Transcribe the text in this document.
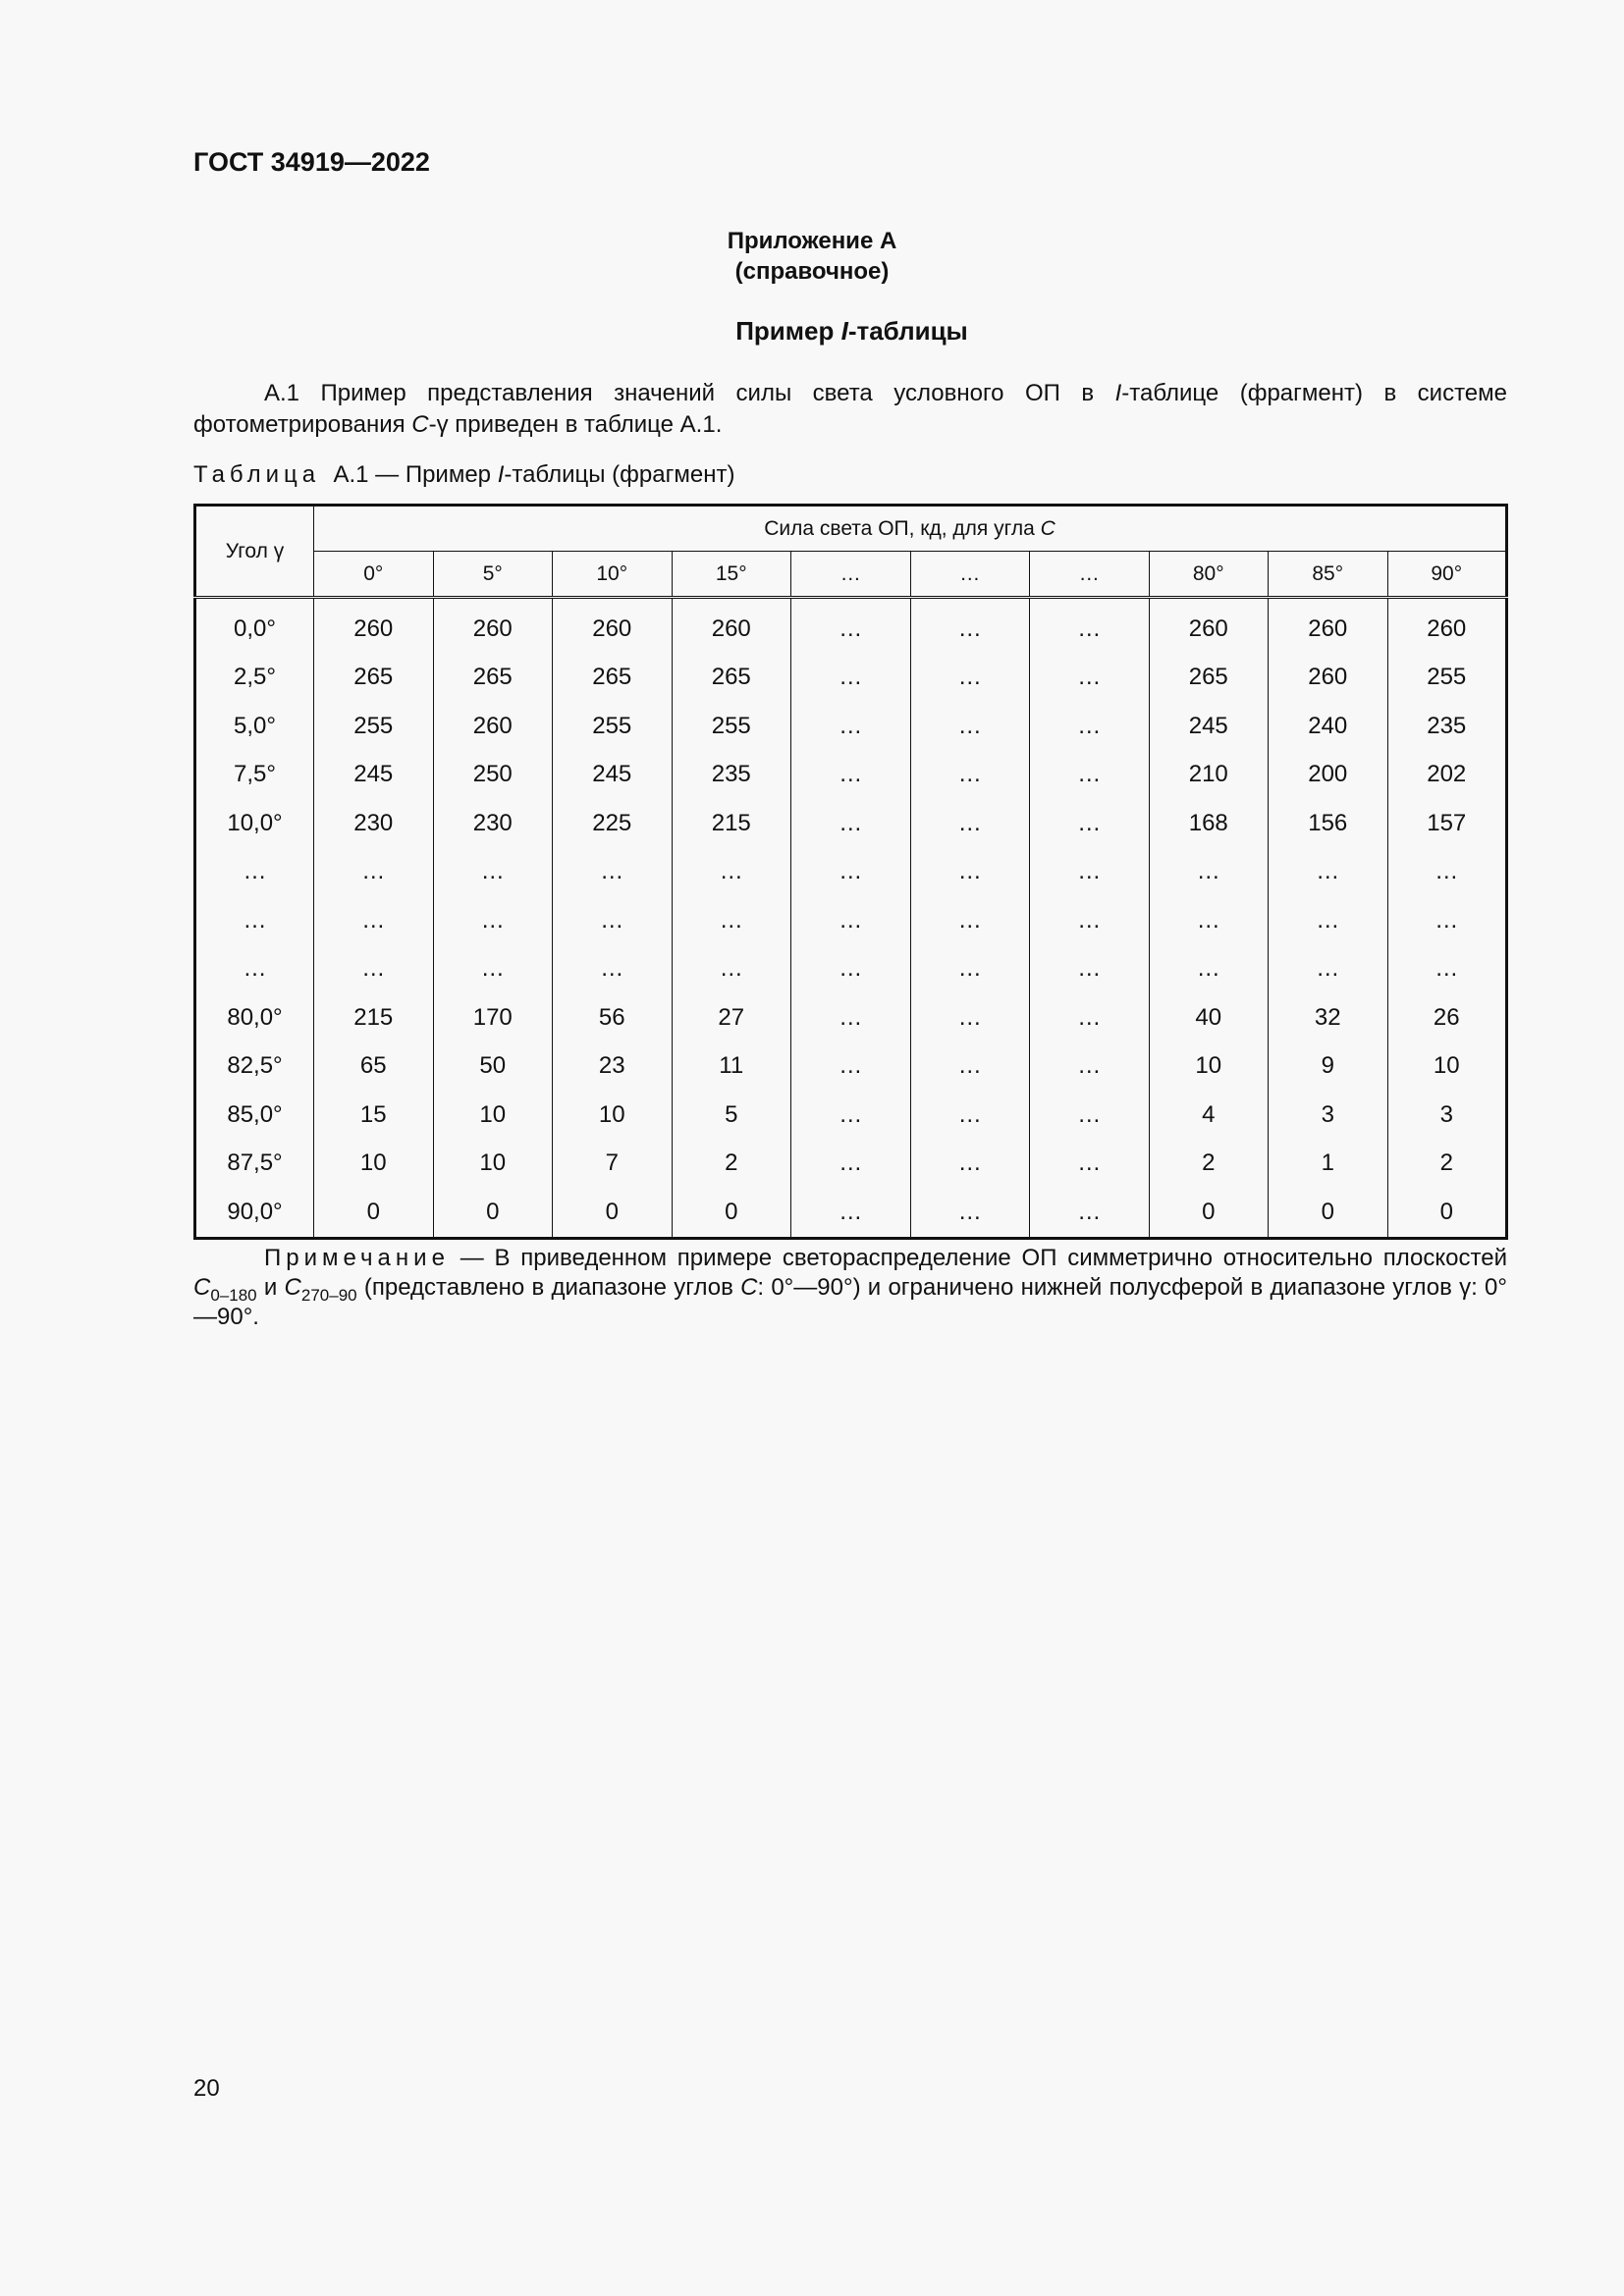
ГОСТ 34919—2022
Приложение А
(справочное)
Пример I-таблицы
А.1 Пример представления значений силы света условного ОП в I-таблице (фрагмент) в системе фотометрирования С-γ приведен в таблице А.1.
Таблица А.1 — Пример I-таблицы (фрагмент)
Угол γ	Сила света ОП, кд, для угла С									
	0°	5°	10°	15°	…	…	…	80°	85°	90°
0,0°	260	260	260	260	…	…	…	260	260	260
2,5°	265	265	265	265	…	…	…	265	260	255
5,0°	255	260	255	255	…	…	…	245	240	235
7,5°	245	250	245	235	…	…	…	210	200	202
10,0°	230	230	225	215	…	…	…	168	156	157
…	…	…	…	…	…	…	…	…	…	…
…	…	…	…	…	…	…	…	…	…	…
…	…	…	…	…	…	…	…	…	…	…
80,0°	215	170	56	27	…	…	…	40	32	26
82,5°	65	50	23	11	…	…	…	10	9	10
85,0°	15	10	10	5	…	…	…	4	3	3
87,5°	10	10	7	2	…	…	…	2	1	2
90,0°	0	0	0	0	…	…	…	0	0	0
Примечание — В приведенном примере светораспределение ОП симметрично относительно плоскостей $С_{0-180}$ и $С_{270-90}$ (представлено в диапазоне углов С: 0°—90°) и ограничено нижней полусферой в диапазоне углов γ: 0°—90°.
20
